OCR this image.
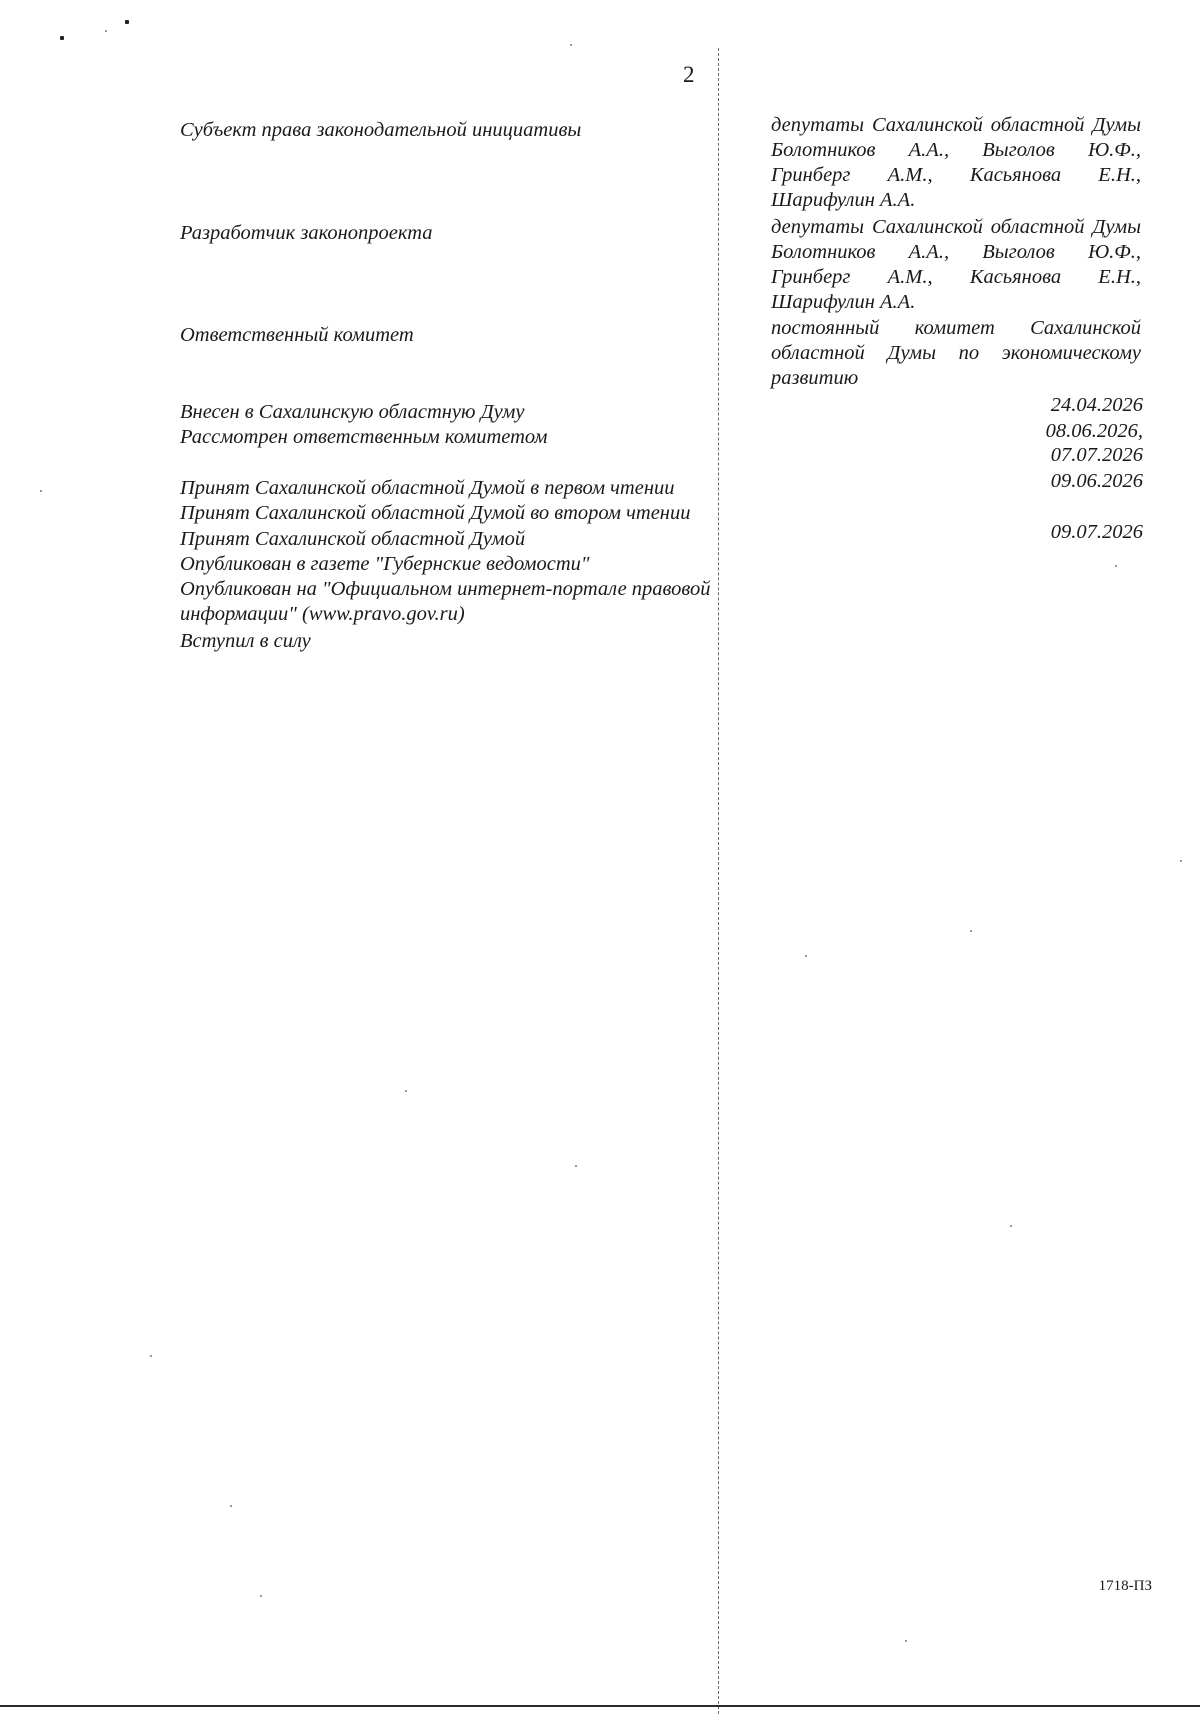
2
Субъект права законодательной инициативы	депутаты Сахалинской областной Думы Болотников А.А., Выголов Ю.Ф., Гринберг А.М., Касьянова Е.Н., Шарифулин А.А.
Разработчик законопроекта	депутаты Сахалинской областной Думы Болотников А.А., Выголов Ю.Ф., Гринберг А.М., Касьянова Е.Н., Шарифулин А.А.
Ответственный комитет	постоянный комитет Сахалинской областной Думы по экономическому развитию
Внесен в Сахалинскую областную Думу	24.04.2026
Рассмотрен ответственным комитетом	08.06.2026,
07.07.2026
Принят Сахалинской областной Думой в первом чтении	09.06.2026
Принят Сахалинской областной Думой во втором чтении
Принят Сахалинской областной Думой	09.07.2026
Опубликован в газете "Губернские ведомости"
Опубликован на "Официальном интернет-портале правовой
информации" (www.pravo.gov.ru)
Вступил в силу
1718-ПЗ
